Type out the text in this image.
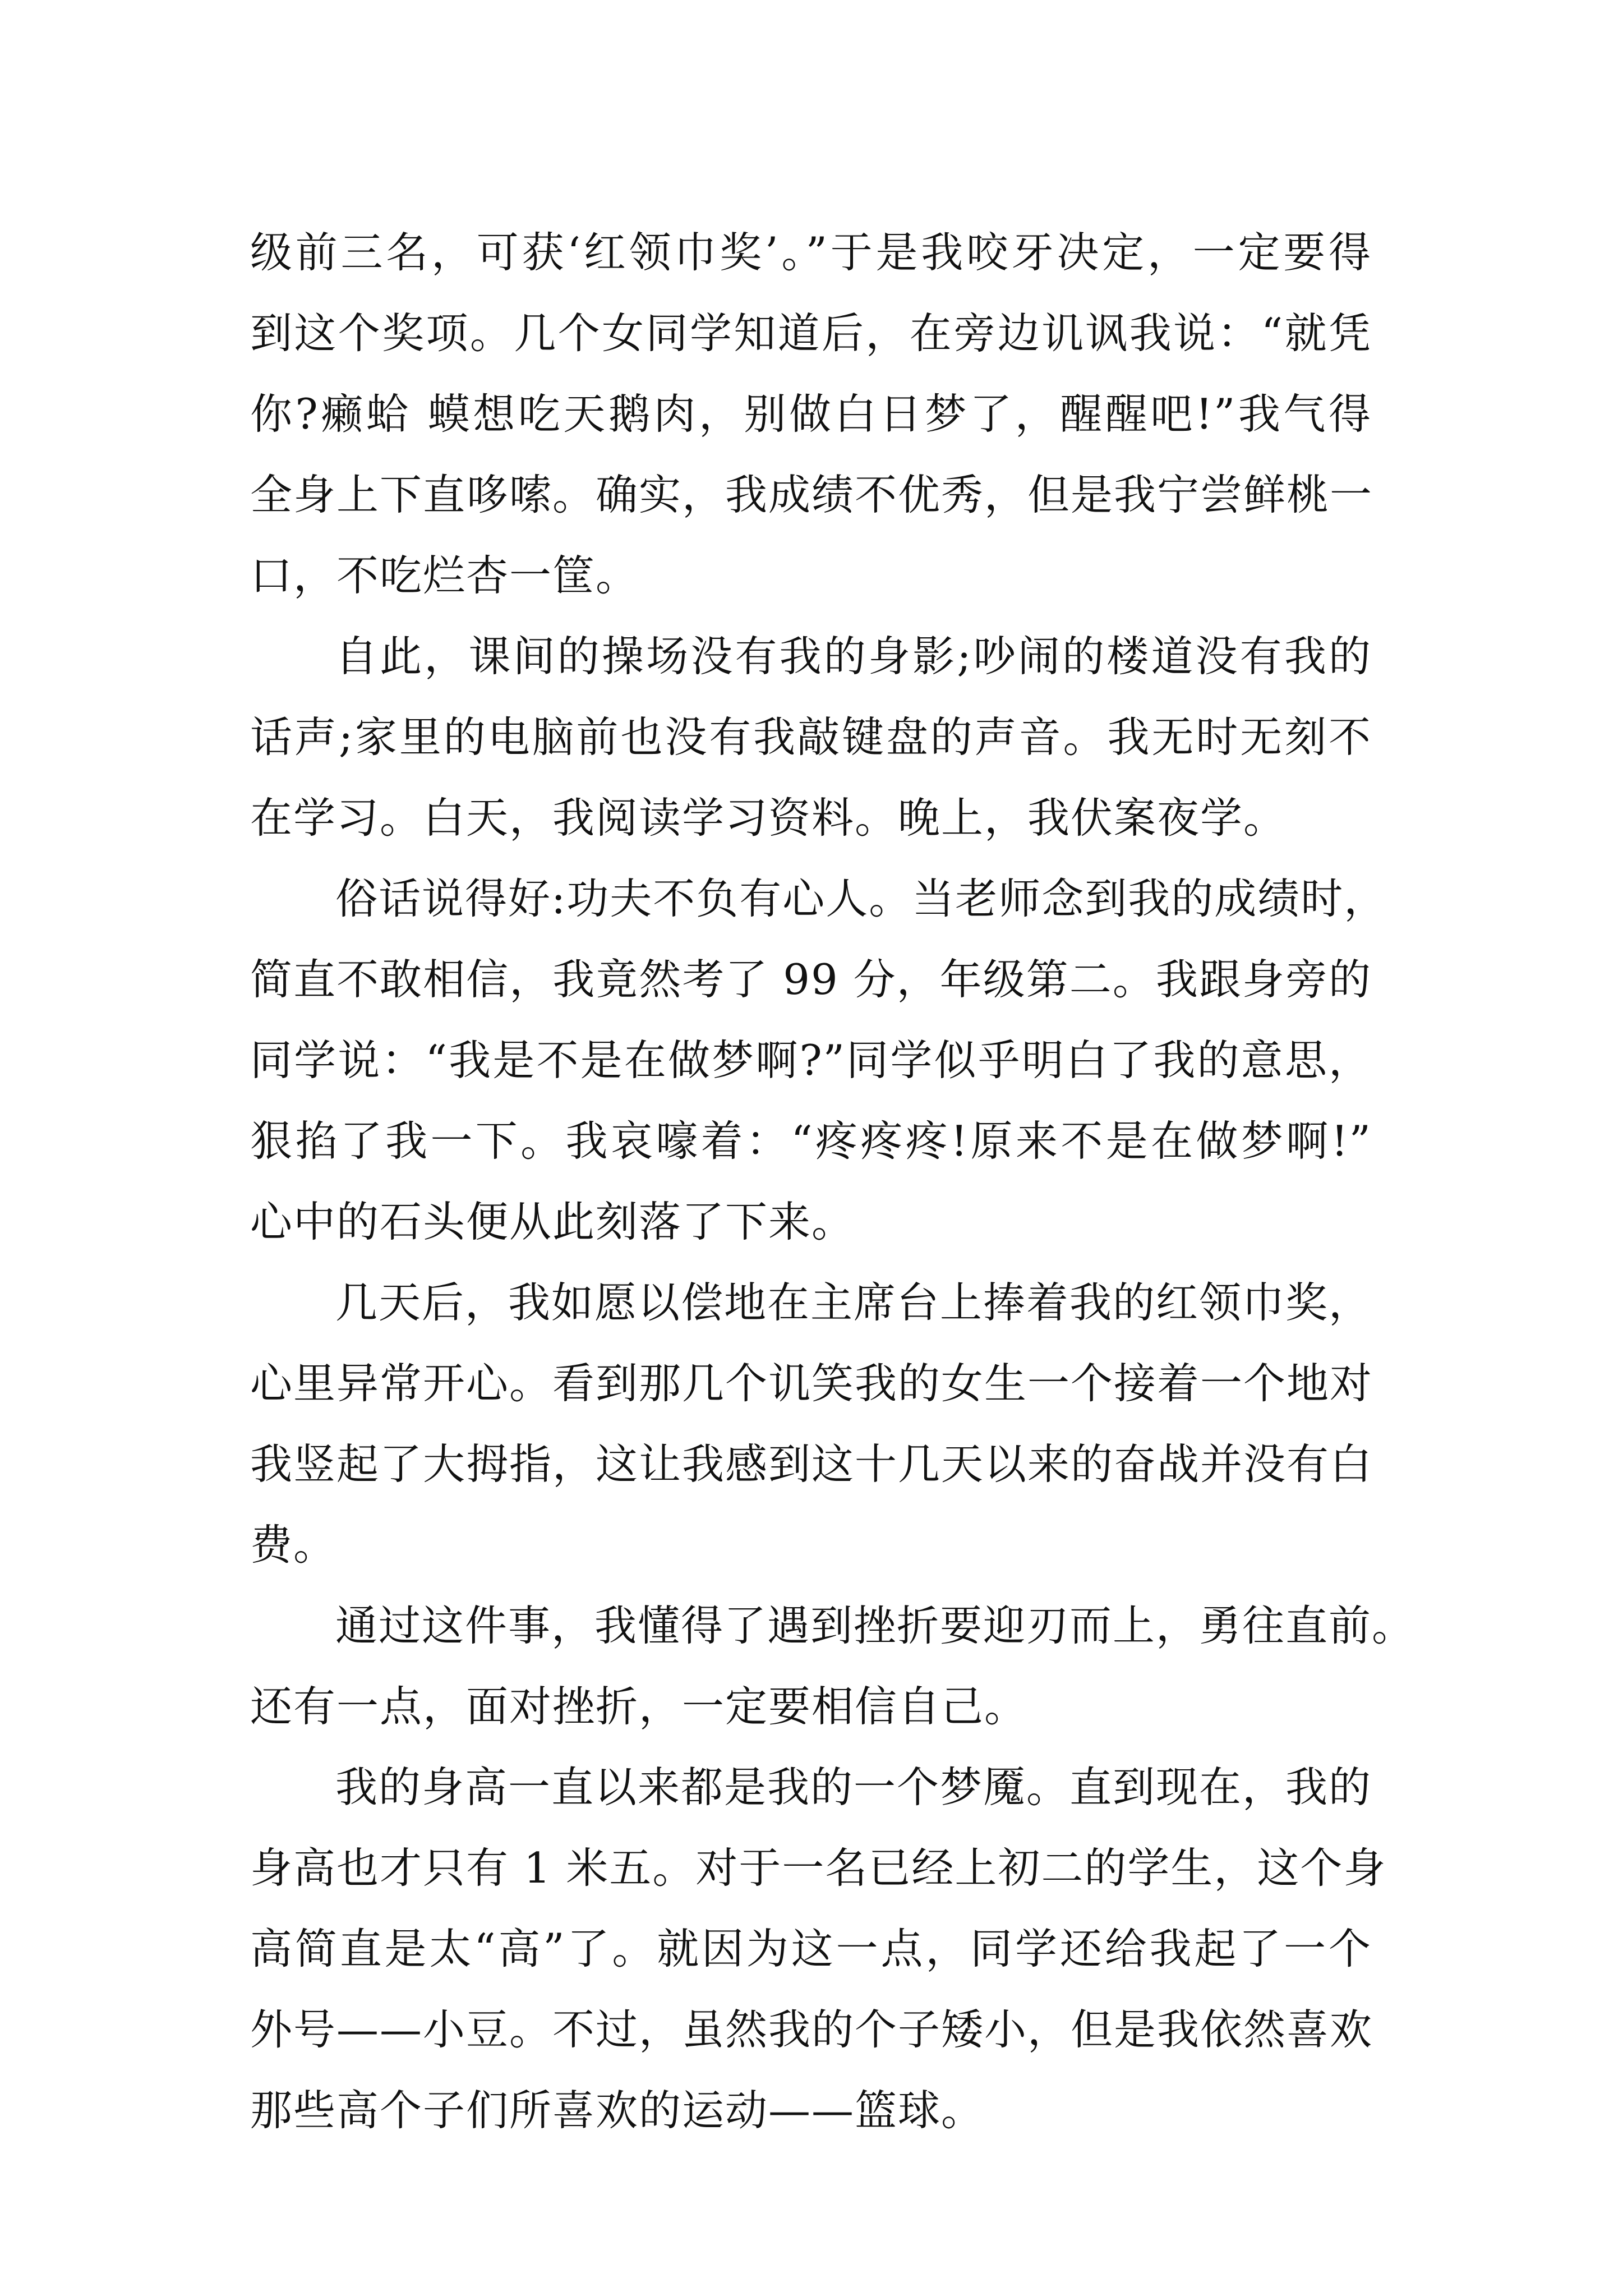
级前三名，可获‘红领巾奖’。”于是我咬牙决定，一定要得
到这个奖项。几个女同学知道后，在旁边讥讽我说：“就凭
你?癞蛤 蟆想吃天鹅肉，别做白日梦了，醒醒吧!”我气得
全身上下直哆嗦。确实，我成绩不优秀，但是我宁尝鲜桃一
口，不吃烂杏一筐。
自此，课间的操场没有我的身影;吵闹的楼道没有我的
话声;家里的电脑前也没有我敲键盘的声音。我无时无刻不
在学习。白天，我阅读学习资料。晚上，我伏案夜学。
俗话说得好:功夫不负有心人。当老师念到我的成绩时，
简直不敢相信，我竟然考了 99 分，年级第二。我跟身旁的
同学说：“我是不是在做梦啊?”同学似乎明白了我的意思，
狠掐了我一下。我哀嚎着：“疼疼疼!原来不是在做梦啊!”
心中的石头便从此刻落了下来。
几天后，我如愿以偿地在主席台上捧着我的红领巾奖，
心里异常开心。看到那几个讥笑我的女生一个接着一个地对
我竖起了大拇指，这让我感到这十几天以来的奋战并没有白
费。
通过这件事，我懂得了遇到挫折要迎刃而上，勇往直前。
还有一点，面对挫折，一定要相信自己。
我的身高一直以来都是我的一个梦魇。直到现在，我的
身高也才只有 1 米五。对于一名已经上初二的学生，这个身
高简直是太“高”了。就因为这一点，同学还给我起了一个
外号——小豆。不过，虽然我的个子矮小，但是我依然喜欢
那些高个子们所喜欢的运动——篮球。
